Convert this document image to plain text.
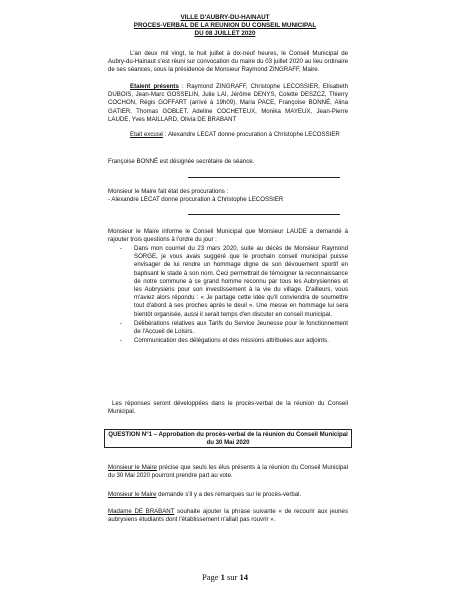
VILLE D'AUBRY-DU-HAINAUT
PROCES-VERBAL DE LA REUNION DU CONSEIL MUNICIPAL
DU 08 JUILLET 2020
L'an deux mil vingt, le huit juillet à dix-neuf heures, le Conseil Municipal de Aubry-du-Hainaut s'est réuni sur convocation du maire du 03 juillet 2020 au lieu ordinaire de ses séances, sous la présidence de Monsieur Raymond ZINGRAFF, Maire.
Etaient présents : Raymond ZINGRAFF, Christophe LECOSSIER, Elisabeth DUBOIS, Jean-Marc GOSSELIN, Julie LAI, Jérôme DENYS, Colette DESZCZ, Thierry COCHON, Régis GOFFART (arrivé à 19h09), Maria PACE, Françoise BONNÉ, Alina GATIER, Thomas GOBLET, Adeline COCHETEUX, Monika MAYEUX, Jean-Pierre LAUDE, Yves MAILLARD, Olivia DE BRABANT
Etait excusé : Alexandre LECAT donne procuration à Christophe LECOSSIER
Françoise BONNÉ est désignée secrétaire de séance.
Monsieur le Maire fait état des procurations :
- Alexandre LECAT donne procuration à Christophe LECOSSIER
Monsieur le Maire informe le Conseil Municipal que Monsieur LAUDE a demandé à rajouter trois questions à l'ordre du jour :
- Dans mon courriel du 23 mars 2020, suite au décès de Monsieur Raymond SORGE, je vous avais suggéré que le prochain conseil municipal puisse envisager de lui rendre un hommage digne de son dévouement sportif en baptisant le stade à son nom. Ceci permettrait de témoigner la reconnaissance de notre commune à ce grand homme reconnu par tous les Aubrysiennes et les Aubrysiens pour son investissement à la vie du village. D'ailleurs, vous m'aviez alors répondu : « Je partage cette idée qu'il conviendra de soumettre tout d'abord à ses proches après le deuil ». Une messe en hommage lui sera bientôt organisée, aussi il serait temps d'en discuter en conseil municipal.
- Délibérations relatives aux Tarifs du Service Jeunesse pour le fonctionnement de l'Accueil de Loisirs.
- Communication des délégations et des missions attribuées aux adjoints.
Les réponses seront développées dans le procès-verbal de la réunion du Conseil Municipal.
QUESTION N°1 – Approbation du procès-verbal de la réunion du Conseil Municipal du 30 Mai 2020
Monsieur le Maire précise que seuls les élus présents à la réunion du Conseil Municipal du 30 Mai 2020 pourront prendre part au vote.
Monsieur le Maire demande s'il y a des remarques sur le procès-verbal.
Madame DE BRABANT souhaite ajouter la phrase suivante « de recourir aux jeunes aubrysiens étudiants dont l'établissement n'allait pas rouvrir ».
Page 1 sur 14
